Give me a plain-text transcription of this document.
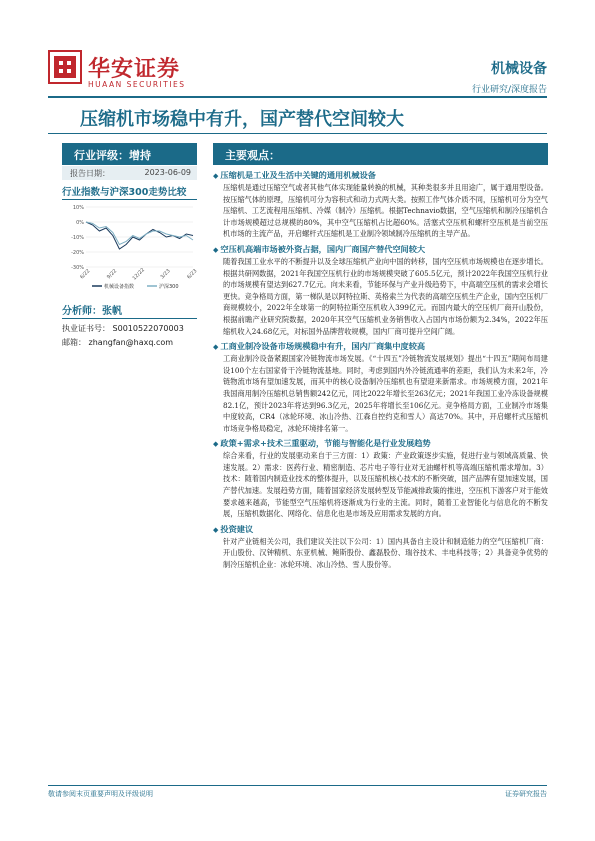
华安证券
HUAAN SECURITIES
机械设备
行业研究/深度报告
压缩机市场稳中有升，国产替代空间较大
行业评级：增持
报告日期：	2023-06-09
行业指数与沪深300走势比较
10%
0%
-10%
-20%
-30%
6/22	9/22	12/22	3/23	6/23
机械设备指数	沪深300
分析师：张帆
执业证书号： S0010522070003
邮箱： zhangfan@haxq.com
主要观点：
◆ 压缩机是工业及生活中关键的通用机械设备
压缩机是通过压缩空气或者其他气体实现能量转换的机械，其种类很多并且用途广，属于通用型设备。按压缩气体的原理，压缩机可分为容积式和动力式两大类。按照工作气体介质不同，压缩机可分为空气压缩机、工艺流程用压缩机、冷媒（制冷）压缩机。根据Technavio数据，空气压缩机和制冷压缩机合计市场规模超过总规模的80%，其中空气压缩机占比超60%。活塞式空压机和螺杆空压机是当前空压机市场的主流产品，开启螺杆式压缩机是工业制冷领域制冷压缩机的主导产品。
◆ 空压机高端市场被外资占据，国内厂商国产替代空间较大
随着我国工业水平的不断提升以及全球压缩机产业向中国的转移，国内空压机市场规模也在逐步增长。根据共研网数据，2021年我国空压机行业的市场规模突破了605.5亿元，预计2022年我国空压机行业的市场规模有望达到627.7亿元。向未来看，节能环保与产业升级趋势下，中高端空压机的需求会增长更快。竞争格局方面，第一梯队是以阿特拉斯、英格索兰为代表的高端空压机生产企业，国内空压机厂商规模较小，2022年全球第一的阿特拉斯空压机收入399亿元。而国内最大的空压机厂商开山股份，根据前瞻产业研究院数据，2020年其空气压缩机业务销售收入占国内市场份额为2.34%，2022年压缩机收入24.68亿元，对标国外品牌营收规模，国内厂商可提升空间广阔。
◆ 工商业制冷设备市场规模稳中有升，国内厂商集中度较高
工商业制冷设备紧跟国家冷链物流市场发展。《“十四五”冷链物流发展规划》提出“十四五”期间布局建设100个左右国家骨干冷链物流基地。同时，考虑到国内外冷链流通率的差距，我们认为未来2年，冷链物流市场有望加速发展，而其中的核心设备制冷压缩机也有望迎来新需求。市场规模方面，2021年我国商用制冷压缩机总销售额242亿元，同比2022年增长至263亿元；2021年我国工业冷冻设备规模82.1亿，预计2023年将达到96.3亿元，2025年将增长至106亿元。竞争格局方面，工业制冷市场集中度较高，CR4（冰轮环境、冰山冷热、江森自控约克和雪人）高达70%。其中，开启螺杆式压缩机市场竞争格局稳定，冰轮环境排名第一。
◆ 政策+需求+技术三重驱动，节能与智能化是行业发展趋势
综合来看，行业的发展驱动来自于三方面：1）政策：产业政策逐步实施，促进行业与领域高质量、快速发展。2）需求：医药行业、精密制造、芯片电子等行业对无油螺杆机等高端压缩机需求增加。3）技术：随着国内制造业技术的整体提升，以及压缩机核心技术的不断突破，国产品牌有望加速发展，国产替代加速。发展趋势方面，随着国家经济发展转型及节能减排政策的推进，空压机下游客户对于能效要求越来越高，节能型空气压缩机将逐渐成为行业的主流。同时，随着工业智能化与信息化的不断发展，压缩机数据化、网络化、信息化也是市场及应用需求发展的方向。
◆ 投资建议
针对产业链相关公司，我们建议关注以下公司：1）国内具备自主设计和制造能力的空气压缩机厂商：开山股份、汉钟精机、东亚机械、鲍斯股份、鑫磊股份、瑞谷技术、丰电科技等；2）具备竞争优势的制冷压缩机企业：冰轮环境、冰山冷热、雪人股份等。
敬请参阅末页重要声明及评级说明	证券研究报告
